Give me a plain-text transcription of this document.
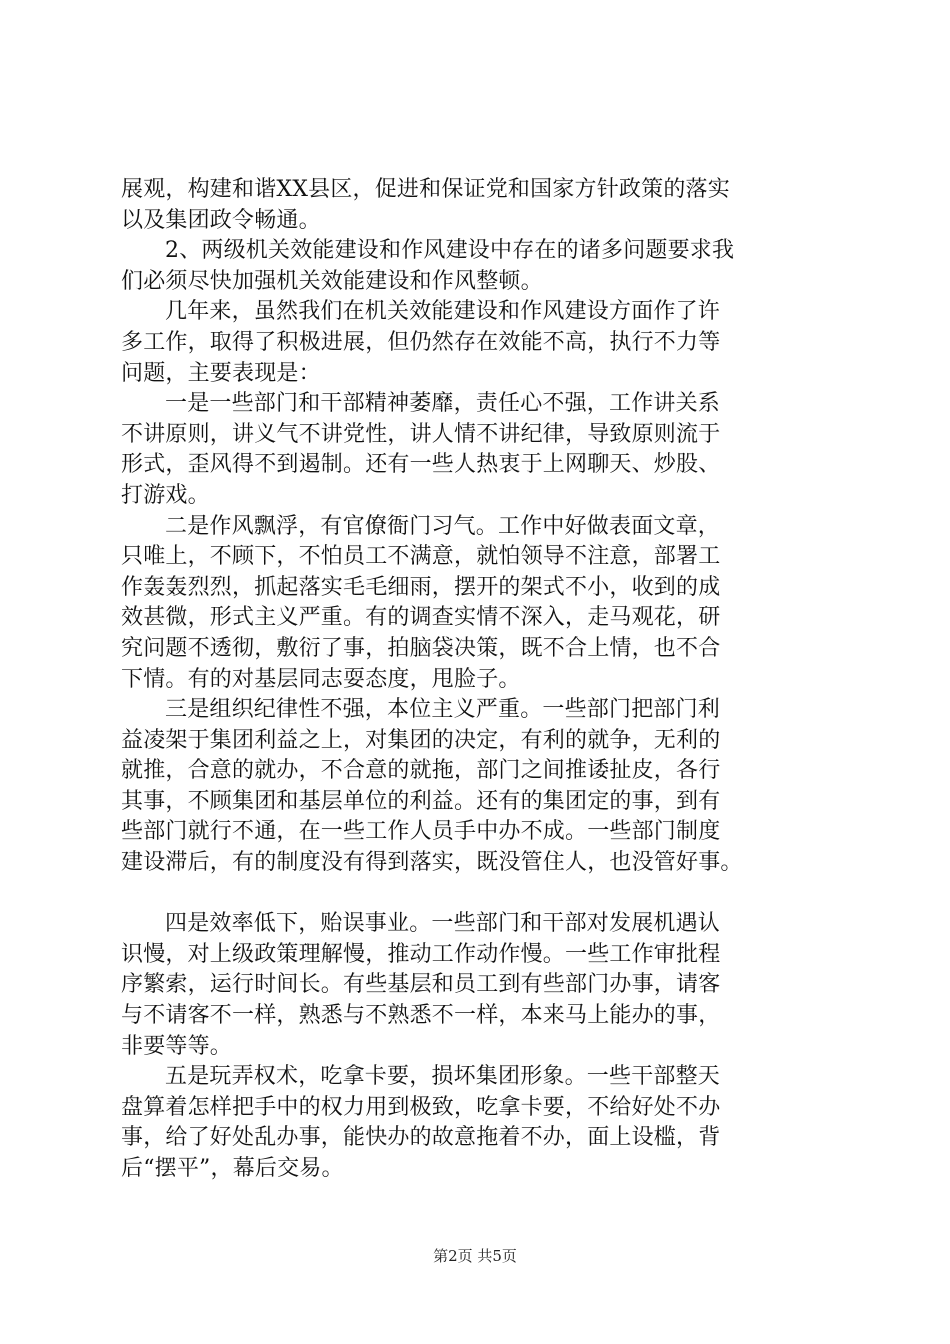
展观，构建和谐XX县区，促进和保证党和国家方针政策的落实
以及集团政令畅通。
2、两级机关效能建设和作风建设中存在的诸多问题要求我
们必须尽快加强机关效能建设和作风整顿。
几年来，虽然我们在机关效能建设和作风建设方面作了许
多工作，取得了积极进展，但仍然存在效能不高，执行不力等
问题，主要表现是：
一是一些部门和干部精神萎靡，责任心不强，工作讲关系
不讲原则，讲义气不讲党性，讲人情不讲纪律，导致原则流于
形式，歪风得不到遏制。还有一些人热衷于上网聊天、炒股、
打游戏。
二是作风飘浮，有官僚衙门习气。工作中好做表面文章，
只唯上，不顾下，不怕员工不满意，就怕领导不注意，部署工
作轰轰烈烈，抓起落实毛毛细雨，摆开的架式不小，收到的成
效甚微，形式主义严重。有的调查实情不深入，走马观花，研
究问题不透彻，敷衍了事，拍脑袋决策，既不合上情，也不合
下情。有的对基层同志耍态度，甩脸子。
三是组织纪律性不强，本位主义严重。一些部门把部门利
益凌架于集团利益之上，对集团的决定，有利的就争，无利的
就推，合意的就办，不合意的就拖，部门之间推诿扯皮，各行
其事，不顾集团和基层单位的利益。还有的集团定的事，到有
些部门就行不通，在一些工作人员手中办不成。一些部门制度
建设滞后，有的制度没有得到落实，既没管住人，也没管好事。
四是效率低下，贻误事业。一些部门和干部对发展机遇认
识慢，对上级政策理解慢，推动工作动作慢。一些工作审批程
序繁索，运行时间长。有些基层和员工到有些部门办事，请客
与不请客不一样，熟悉与不熟悉不一样，本来马上能办的事，
非要等等。
五是玩弄权术，吃拿卡要，损坏集团形象。一些干部整天
盘算着怎样把手中的权力用到极致，吃拿卡要，不给好处不办
事，给了好处乱办事，能快办的故意拖着不办，面上设槛，背
后“摆平”，幕后交易。
第2页 共5页
